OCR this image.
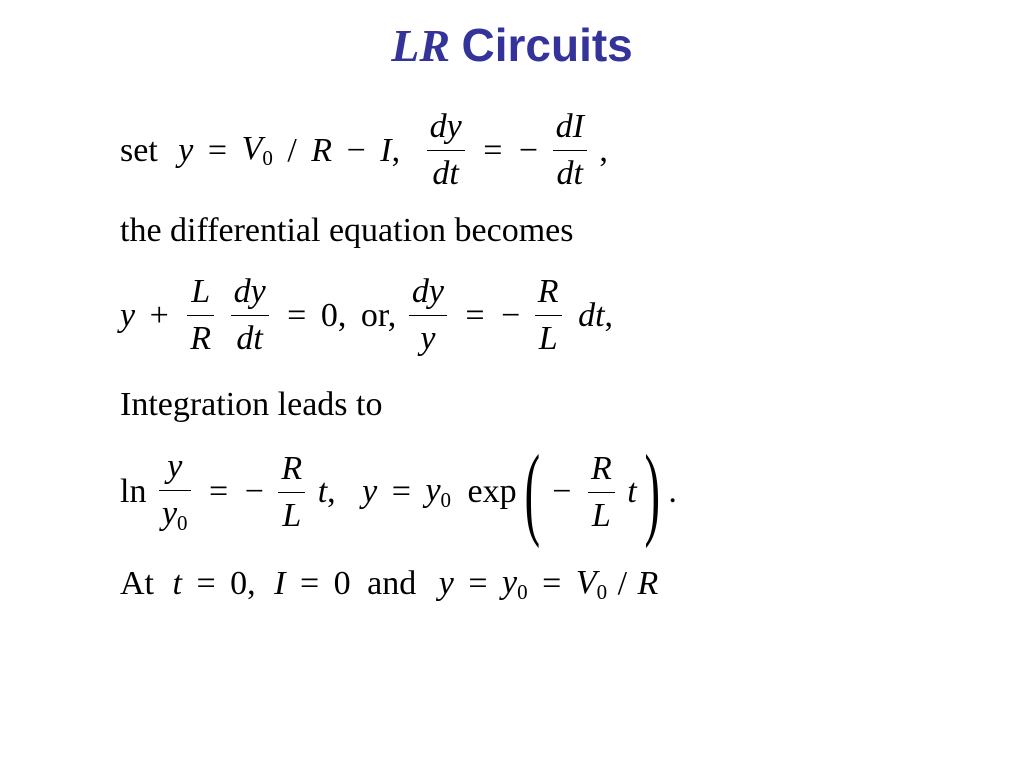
LR Circuits
set $y = V_0 / R - I$, $\frac{dy}{dt}$ = − $\frac{dI}{dt}$ ,
the differential equation becomes
$y + \frac{L}{R}$
$\frac{dy}{dt} = 0$, or, $\frac{dy}{y}$ = − $\frac{R}{L}$ dt,
Integration leads to
$\ln \frac{y}{y_0}$ = − $\frac{R}{L} t$, $y = y_0$ exp ( − $\frac{R}{L}$ t ) .
At t = 0, I = 0 and $y = y_0 = V_0 / R$
